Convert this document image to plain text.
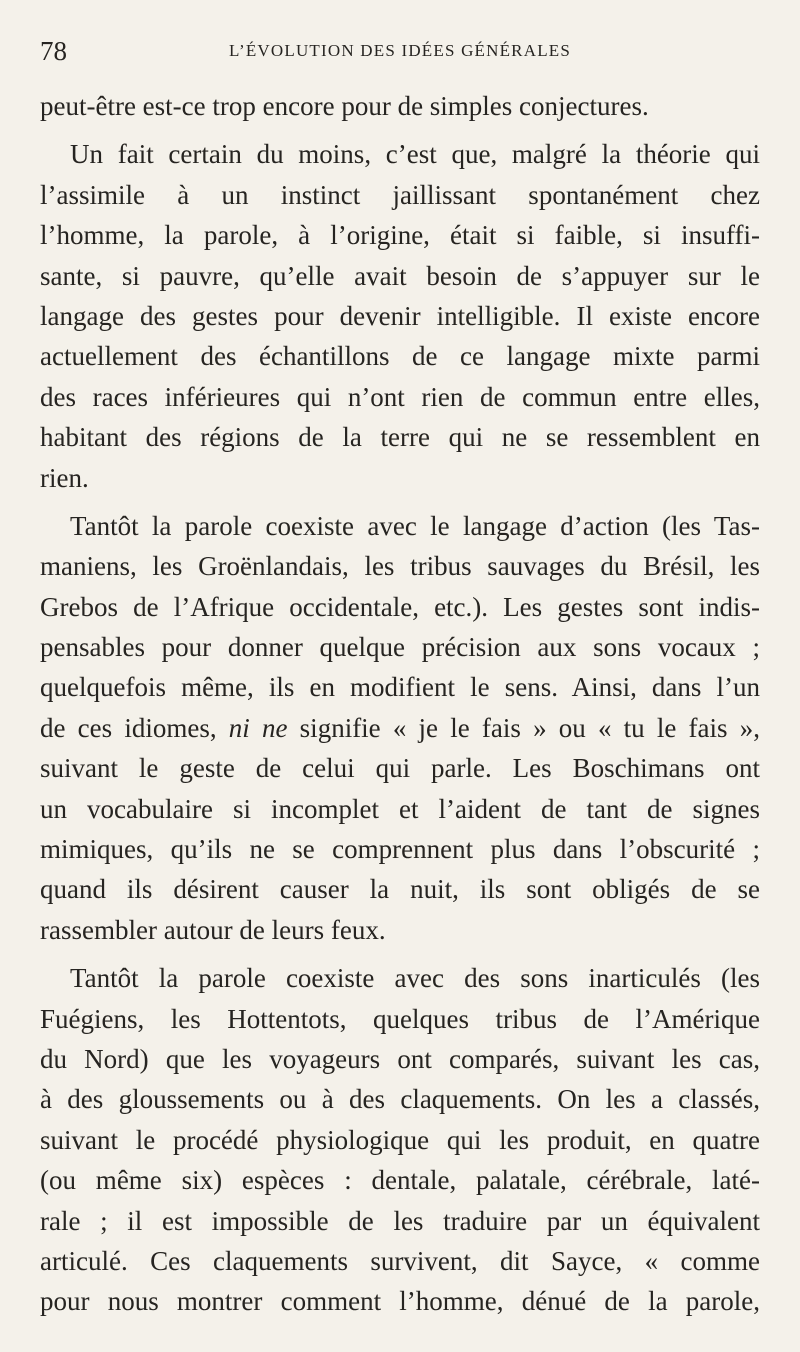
78	L’ÉVOLUTION DES IDÉES GÉNÉRALES
peut-être est-ce trop encore pour de simples conjectures.
Un fait certain du moins, c’est que, malgré la théorie qui
l’assimile à un instinct jaillissant spontanément chez
l’homme, la parole, à l’origine, était si faible, si insuffi-
sante, si pauvre, qu’elle avait besoin de s’appuyer sur le
langage des gestes pour devenir intelligible. Il existe encore
actuellement des échantillons de ce langage mixte parmi
des races inférieures qui n’ont rien de commun entre elles,
habitant des régions de la terre qui ne se ressemblent en
rien.
Tantôt la parole coexiste avec le langage d’action (les Tas-
maniens, les Groënlandais, les tribus sauvages du Brésil, les
Grebos de l’Afrique occidentale, etc.). Les gestes sont indis-
pensables pour donner quelque précision aux sons vocaux ;
quelquefois même, ils en modifient le sens. Ainsi, dans l’un
de ces idiomes, ni ne signifie « je le fais » ou « tu le fais »,
suivant le geste de celui qui parle. Les Boschimans ont
un vocabulaire si incomplet et l’aident de tant de signes
mimiques, qu’ils ne se comprennent plus dans l’obscurité ;
quand ils désirent causer la nuit, ils sont obligés de se
rassembler autour de leurs feux.
Tantôt la parole coexiste avec des sons inarticulés (les
Fuégiens, les Hottentots, quelques tribus de l’Amérique
du Nord) que les voyageurs ont comparés, suivant les cas,
à des gloussements ou à des claquements. On les a classés,
suivant le procédé physiologique qui les produit, en quatre
(ou même six) espèces : dentale, palatale, cérébrale, laté-
rale ; il est impossible de les traduire par un équivalent
articulé. Ces claquements survivent, dit Sayce, « comme
pour nous montrer comment l’homme, dénué de la parole,
